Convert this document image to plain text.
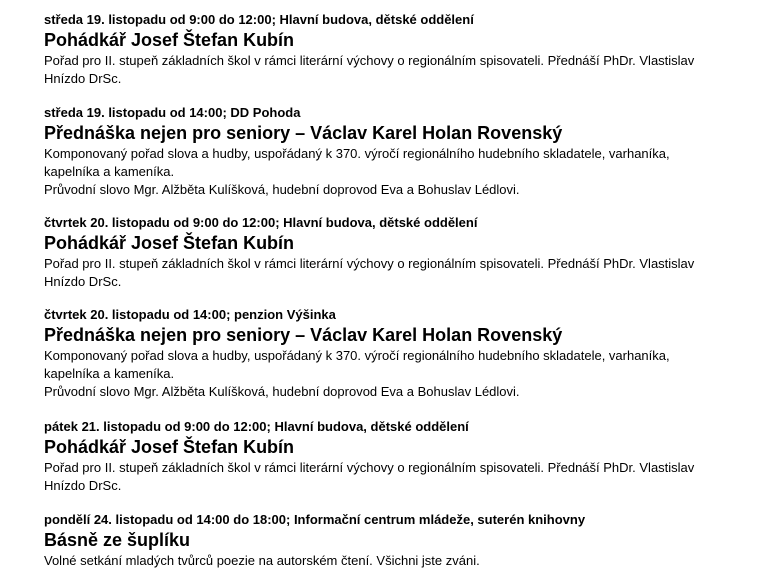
středa 19. listopadu od 9:00 do 12:00; Hlavní budova, dětské oddělení

Pohádkář Josef Štefan Kubín

Pořad pro II. stupeň základních škol v rámci literární výchovy o regionálním spisovateli. Přednáší PhDr. Vlastislav

Hnízdo DrSc.

středa 19. listopadu od 14:00; DD Pohoda

Přednáška nejen pro seniory – Václav Karel Holan Rovenský

Komponovaný pořad slova a hudby, uspořádaný k 370. výročí regionálního hudebního skladatele, varhaníka,

kapelníka a kameníka.

Průvodní slovo Mgr. Alžběta Kulíšková, hudební doprovod Eva a Bohuslav Lédlovi.

čtvrtek 20. listopadu od 9:00 do 12:00; Hlavní budova, dětské oddělení

Pohádkář Josef Štefan Kubín

Pořad pro II. stupeň základních škol v rámci literární výchovy o regionálním spisovateli. Přednáší PhDr. Vlastislav

Hnízdo DrSc.

čtvrtek 20. listopadu od 14:00; penzion Výšinka

Přednáška nejen pro seniory – Václav Karel Holan Rovenský

Komponovaný pořad slova a hudby, uspořádaný k 370. výročí regionálního hudebního skladatele, varhaníka,

kapelníka a kameníka.

Průvodní slovo Mgr. Alžběta Kulíšková, hudební doprovod Eva a Bohuslav Lédlovi.

pátek 21. listopadu od 9:00 do 12:00; Hlavní budova, dětské oddělení

Pohádkář Josef Štefan Kubín

Pořad pro II. stupeň základních škol v rámci literární výchovy o regionálním spisovateli. Přednáší PhDr. Vlastislav

Hnízdo DrSc.

pondělí 24. listopadu od 14:00 do 18:00; Informační centrum mládeže, suterén knihovny

Básně ze šuplíku

Volné setkání mladých tvůrců poezie na autorském čtení. Všichni jste zváni.
